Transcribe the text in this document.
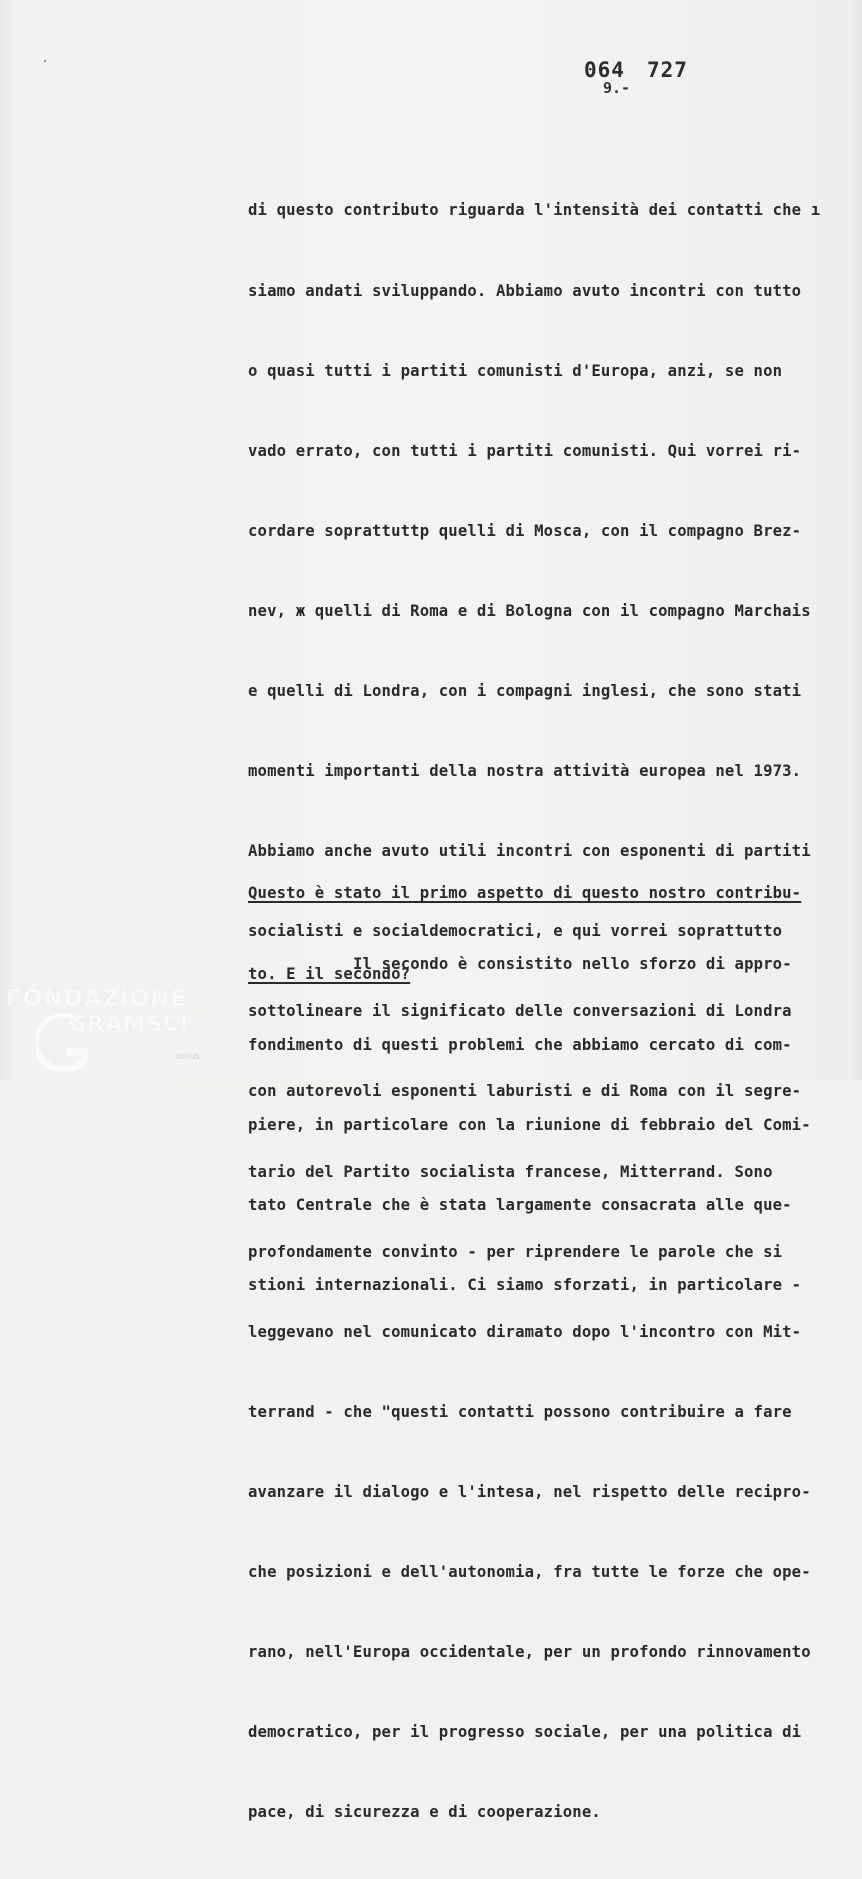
064 727
9.-

di questo contributo riguarda l'intensità dei contatti che ı

siamo andati sviluppando. Abbiamo avuto incontri con tutto

o quasi tutti i partiti comunisti d'Europa, anzi, se non

vado errato, con tutti i partiti comunisti. Qui vorrei ri-

cordare soprattuttp quelli di Mosca, con il compagno Brez-

nev, ж quelli di Roma e di Bologna con il compagno Marchais

e quelli di Londra, con i compagni inglesi, che sono stati

momenti importanti della nostra attività europea nel 1973.

Abbiamo anche avuto utili incontri con esponenti di partiti

socialisti e socialdemocratici, e qui vorrei soprattutto

sottolineare il significato delle conversazioni di Londra

con autorevoli esponenti laburisti e di Roma con il segre-

tario del Partito socialista francese, Mitterrand. Sono

profondamente convinto - per riprendere le parole che si

leggevano nel comunicato diramato dopo l'incontro con Mit-

terrand - che "questi contatti possono contribuire a fare

avanzare il dialogo e l'intesa, nel rispetto delle recipro-

che posizioni e dell'autonomia, fra tutte le forze che ope-

rano, nell'Europa occidentale, per un profondo rinnovamento

democratico, per il progresso sociale, per una politica di

pace, di sicurezza e di cooperazione.

Questo è stato il primo aspetto di questo nostro contribu-

to. E il secondo?

Il secondo è consistito nello sforzo di appro-

fondimento di questi problemi che abbiamo cercato di com-

piere, in particolare con la riunione di febbraio del Comi-

tato Centrale che è stata largamente consacrata alle que-

stioni internazionali. Ci siamo sforzati, in particolare -

FONDAZIONE
GRAMSCI
onlus
